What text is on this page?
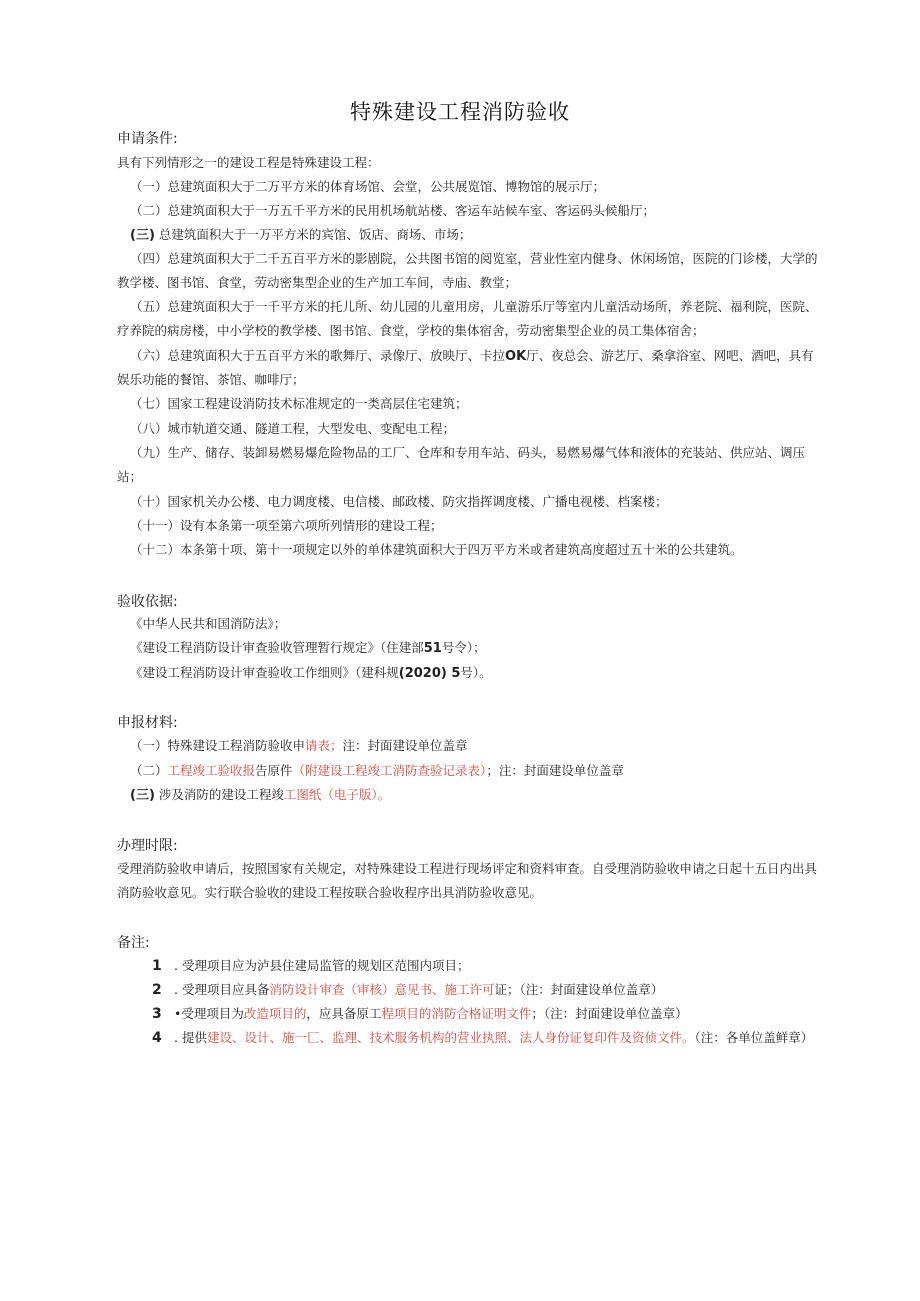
特殊建设工程消防验收
申请条件:

具有下列情形之一的建设工程是特殊建设工程：

（一）总建筑面积大于二万平方米的体育场馆、会堂，公共展览馆、博物馆的展示厅；

（二）总建筑面积大于一万五千平方米的民用机场航站楼、客运车站候车室、客运码头候船厅；

(三) 总建筑面积大于一万平方米的宾馆、饭店、商场、市场；

（四）总建筑面积大于二千五百平方米的影剧院，公共图书馆的阅览室，营业性室内健身、休闲场馆，医院的门诊楼，大学的

教学楼、图书馆、食堂，劳动密集型企业的生产加工车间，寺庙、教堂；

（五）总建筑面积大于一千平方米的托儿所、幼儿园的儿童用房，儿童游乐厅等室内儿童活动场所，养老院、福利院，医院、

疗养院的病房楼，中小学校的教学楼、图书馆、食堂，学校的集体宿舍，劳动密集型企业的员工集体宿舍；

（六）总建筑面积大于五百平方米的歌舞厅、录像厅、放映厅、卡拉OK厅、夜总会、游艺厅、桑拿浴室、网吧、酒吧，具有

娱乐功能的餐馆、茶馆、咖啡厅；

（七）国家工程建设消防技术标准规定的一类高层住宅建筑；

（八）城市轨道交通、隧道工程，大型发电、变配电工程；

（九）生产、储存、装卸易燃易爆危险物品的工厂、仓库和专用车站、码头，易燃易爆气体和液体的充装站、供应站、调压

站；

（十）国家机关办公楼、电力调度楼、电信楼、邮政楼、防灾指挥调度楼、广播电视楼、档案楼；

（十一）设有本条第一项至第六项所列情形的建设工程；

（十二）本条第十项、第十一项规定以外的单体建筑面积大于四万平方米或者建筑高度超过五十米的公共建筑。

验收依据:

《中华人民共和国消防法》；

《建设工程消防设计审查验收管理暂行规定》（住建部51号令）；

《建设工程消防设计审查验收工作细则》（建科规(2020) 5号）。

申报材料:

（一）特殊建设工程消防验收申请表；注：封面建设单位盖章

（二）工程竣工验收报告原件（附建设工程竣工消防查验记录表）；注：封面建设单位盖章

(三) 涉及消防的建设工程竣工图纸（电子版）。

办理时限:

受理消防验收申请后，按照国家有关规定，对特殊建设工程进行现场评定和资料审查。自受理消防验收申请之日起十五日内出具

消防验收意见。实行联合验收的建设工程按联合验收程序出具消防验收意见。

备注:

1 . 受理项目应为泸县住建局监管的规划区范围内项目；

2 . 受理项目应具备消防设计审查（审核）意见书、施工许可证；（注：封面建设单位盖章）

3 •受理项目为改造项目的，应具备原工程项目的消防合格证明文件；（注：封面建设单位盖章）

4 . 提供建设、设计、施一匚、监理、技术服务机构的营业执照、法人身份证复印件及资侦文件。（注：各单位盖鲜章）
